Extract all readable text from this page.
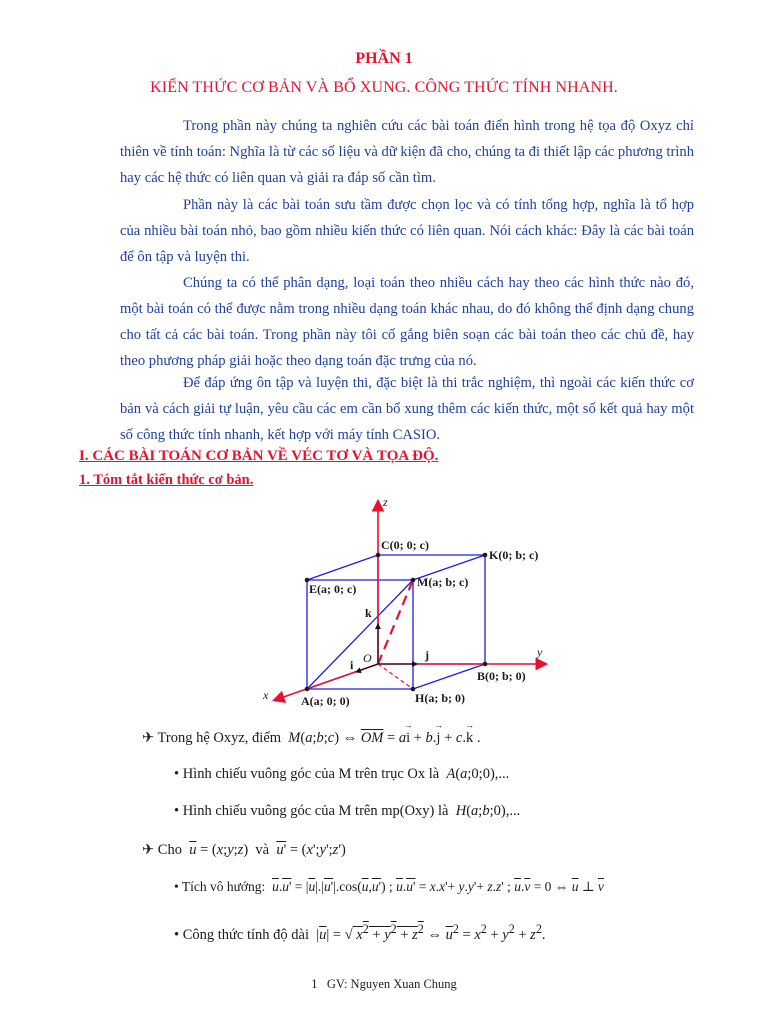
PHẦN 1
KIẾN THỨC CƠ BẢN VÀ BỔ XUNG. CÔNG THỨC TÍNH NHANH.

Trong phần này chúng ta nghiên cứu các bài toán điển hình trong hệ tọa độ Oxyz chỉ thiên về tính toán: Nghĩa là từ các số liệu và dữ kiện đã cho, chúng ta đi thiết lập các phương trình hay các hệ thức có liên quan và giải ra đáp số cần tìm.

Phần này là các bài toán sưu tầm được chọn lọc và có tính tổng hợp, nghĩa là tổ hợp của nhiều bài toán nhỏ, bao gồm nhiều kiến thức có liên quan. Nói cách khác: Đây là các bài toán để ôn tập và luyện thi.

Chúng ta có thể phân dạng, loại toán theo nhiều cách hay theo các hình thức nào đó, một bài toán có thể được nằm trong nhiều dạng toán khác nhau, do đó không thể định dạng chung cho tất cả các bài toán. Trong phần này tôi cố gắng biên soạn các bài toán theo các chủ đề, hay theo phương pháp giải hoặc theo dạng toán đặc trưng của nó.

Để đáp ứng ôn tập và luyện thi, đặc biệt là thi trắc nghiệm, thì ngoài các kiến thức cơ bản và cách giải tự luận, yêu cầu các em cần bổ xung thêm các kiến thức, một số kết quả hay một số công thức tính nhanh, kết hợp với máy tính CASIO.

I. CÁC BÀI TOÁN CƠ BẢN VỀ VÉC TƠ VÀ TỌA ĐỘ.
1. Tóm tắt kiến thức cơ bản.
C(0; 0; c)
K(0; b; c)
E(a; 0; c)	M(a; b; c)
B(0; b; 0)
A(a; 0; 0)	H(a; b; 0)
z
y
x
O
k
i
j
✈ Trong hệ Oxyz, điểm  M(a;b;c) ⇔ $\overline{OM} = a\to i + b.\to j + c.\to k$ .
• Hình chiếu vuông góc của M trên trục Ox là A(a;0;0),...
• Hình chiếu vuông góc của M trên mp(Oxy) là H(a;b;0),...
✈ Cho $\overline{u}$ = (x;y;z)  và u' = (x';y';z')
• Tích vô hướng: $\overline{u}.u' = |\overline{u}|.|u'|.\cos(\overline{u},u')$ ; $\overline{u}.u' = x.x'+ y.y'+ z.z'$ ; $\overline{u}.\overline{v} = 0$ ⇔ $\overline{u}$ ⊥ $\overline{v}$
• Công thức tính độ dài  $|\overline{u}|$ = √ $x^2 + y^2 + z^2$ ⇔ $\overline{u}^2 = x^2 + y^2 + z^2$.
1 GV: Nguyen Xuan Chung
